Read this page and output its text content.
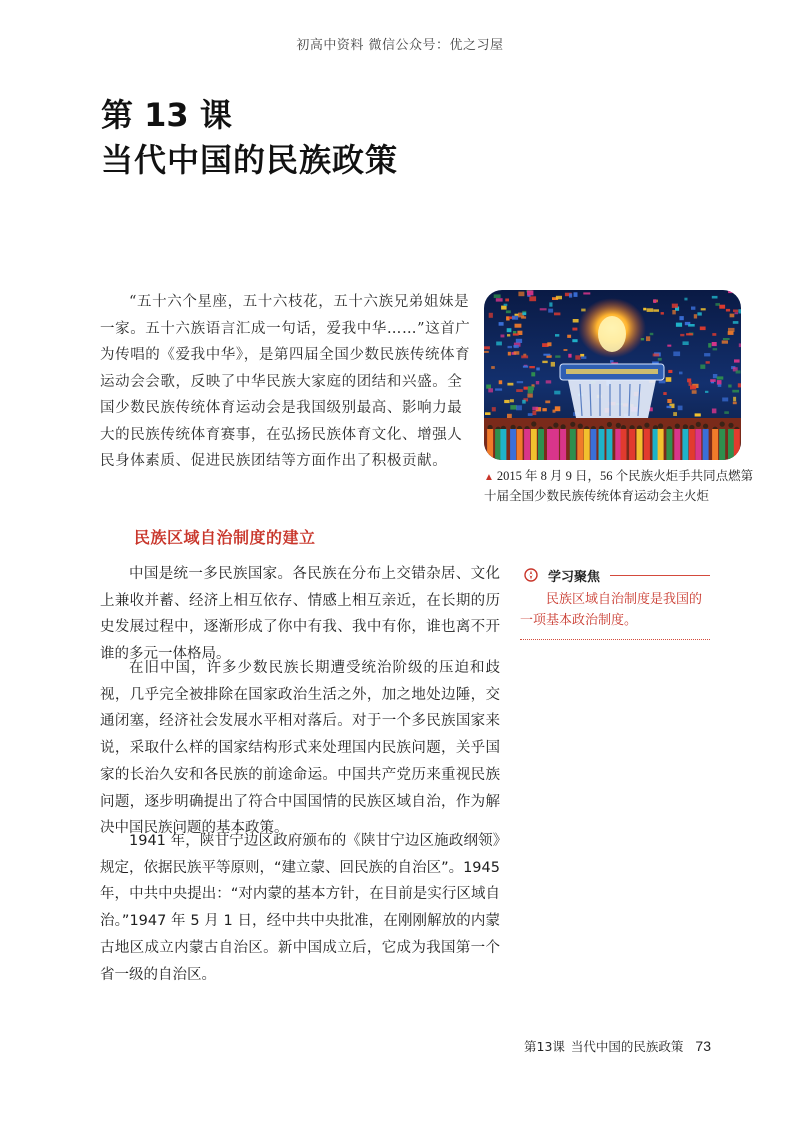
初高中资料 微信公众号：优之习屋
第 13 课
当代中国的民族政策

“五十六个星座，五十六枝花，五十六族兄弟姐妹是一家。五十六族语言汇成一句话，爱我中华……”这首广为传唱的《爱我中华》，是第四届全国少数民族传统体育运动会会歌，反映了中华民族大家庭的团结和兴盛。全国少数民族传统体育运动会是我国级别最高、影响力最大的民族传统体育赛事，在弘扬民族体育文化、增强人民身体素质、促进民族团结等方面作出了积极贡献。

▲ 2015 年 8 月 9 日，56 个民族火炬手共同点燃第十届全国少数民族传统体育运动会主火炬
民族区域自治制度的建立

中国是统一多民族国家。各民族在分布上交错杂居、文化上兼收并蓄、经济上相互依存、情感上相互亲近，在长期的历史发展过程中，逐渐形成了你中有我、我中有你，谁也离不开谁的多元一体格局。

在旧中国，许多少数民族长期遭受统治阶级的压迫和歧视，几乎完全被排除在国家政治生活之外，加之地处边陲，交通闭塞，经济社会发展水平相对落后。对于一个多民族国家来说，采取什么样的国家结构形式来处理国内民族问题，关乎国家的长治久安和各民族的前途命运。中国共产党历来重视民族问题，逐步明确提出了符合中国国情的民族区域自治，作为解决中国民族问题的基本政策。

1941 年，陕甘宁边区政府颁布的《陕甘宁边区施政纲领》规定，依据民族平等原则，“建立蒙、回民族的自治区”。1945 年，中共中央提出：“对内蒙的基本方针，在目前是实行区域自治。”1947 年 5 月 1 日，经中共中央批准，在刚刚解放的内蒙古地区成立内蒙古自治区。新中国成立后，它成为我国第一个省一级的自治区。

学习聚焦

民族区域自治制度是我国的一项基本政治制度。

第13课 当代中国的民族政策 73
